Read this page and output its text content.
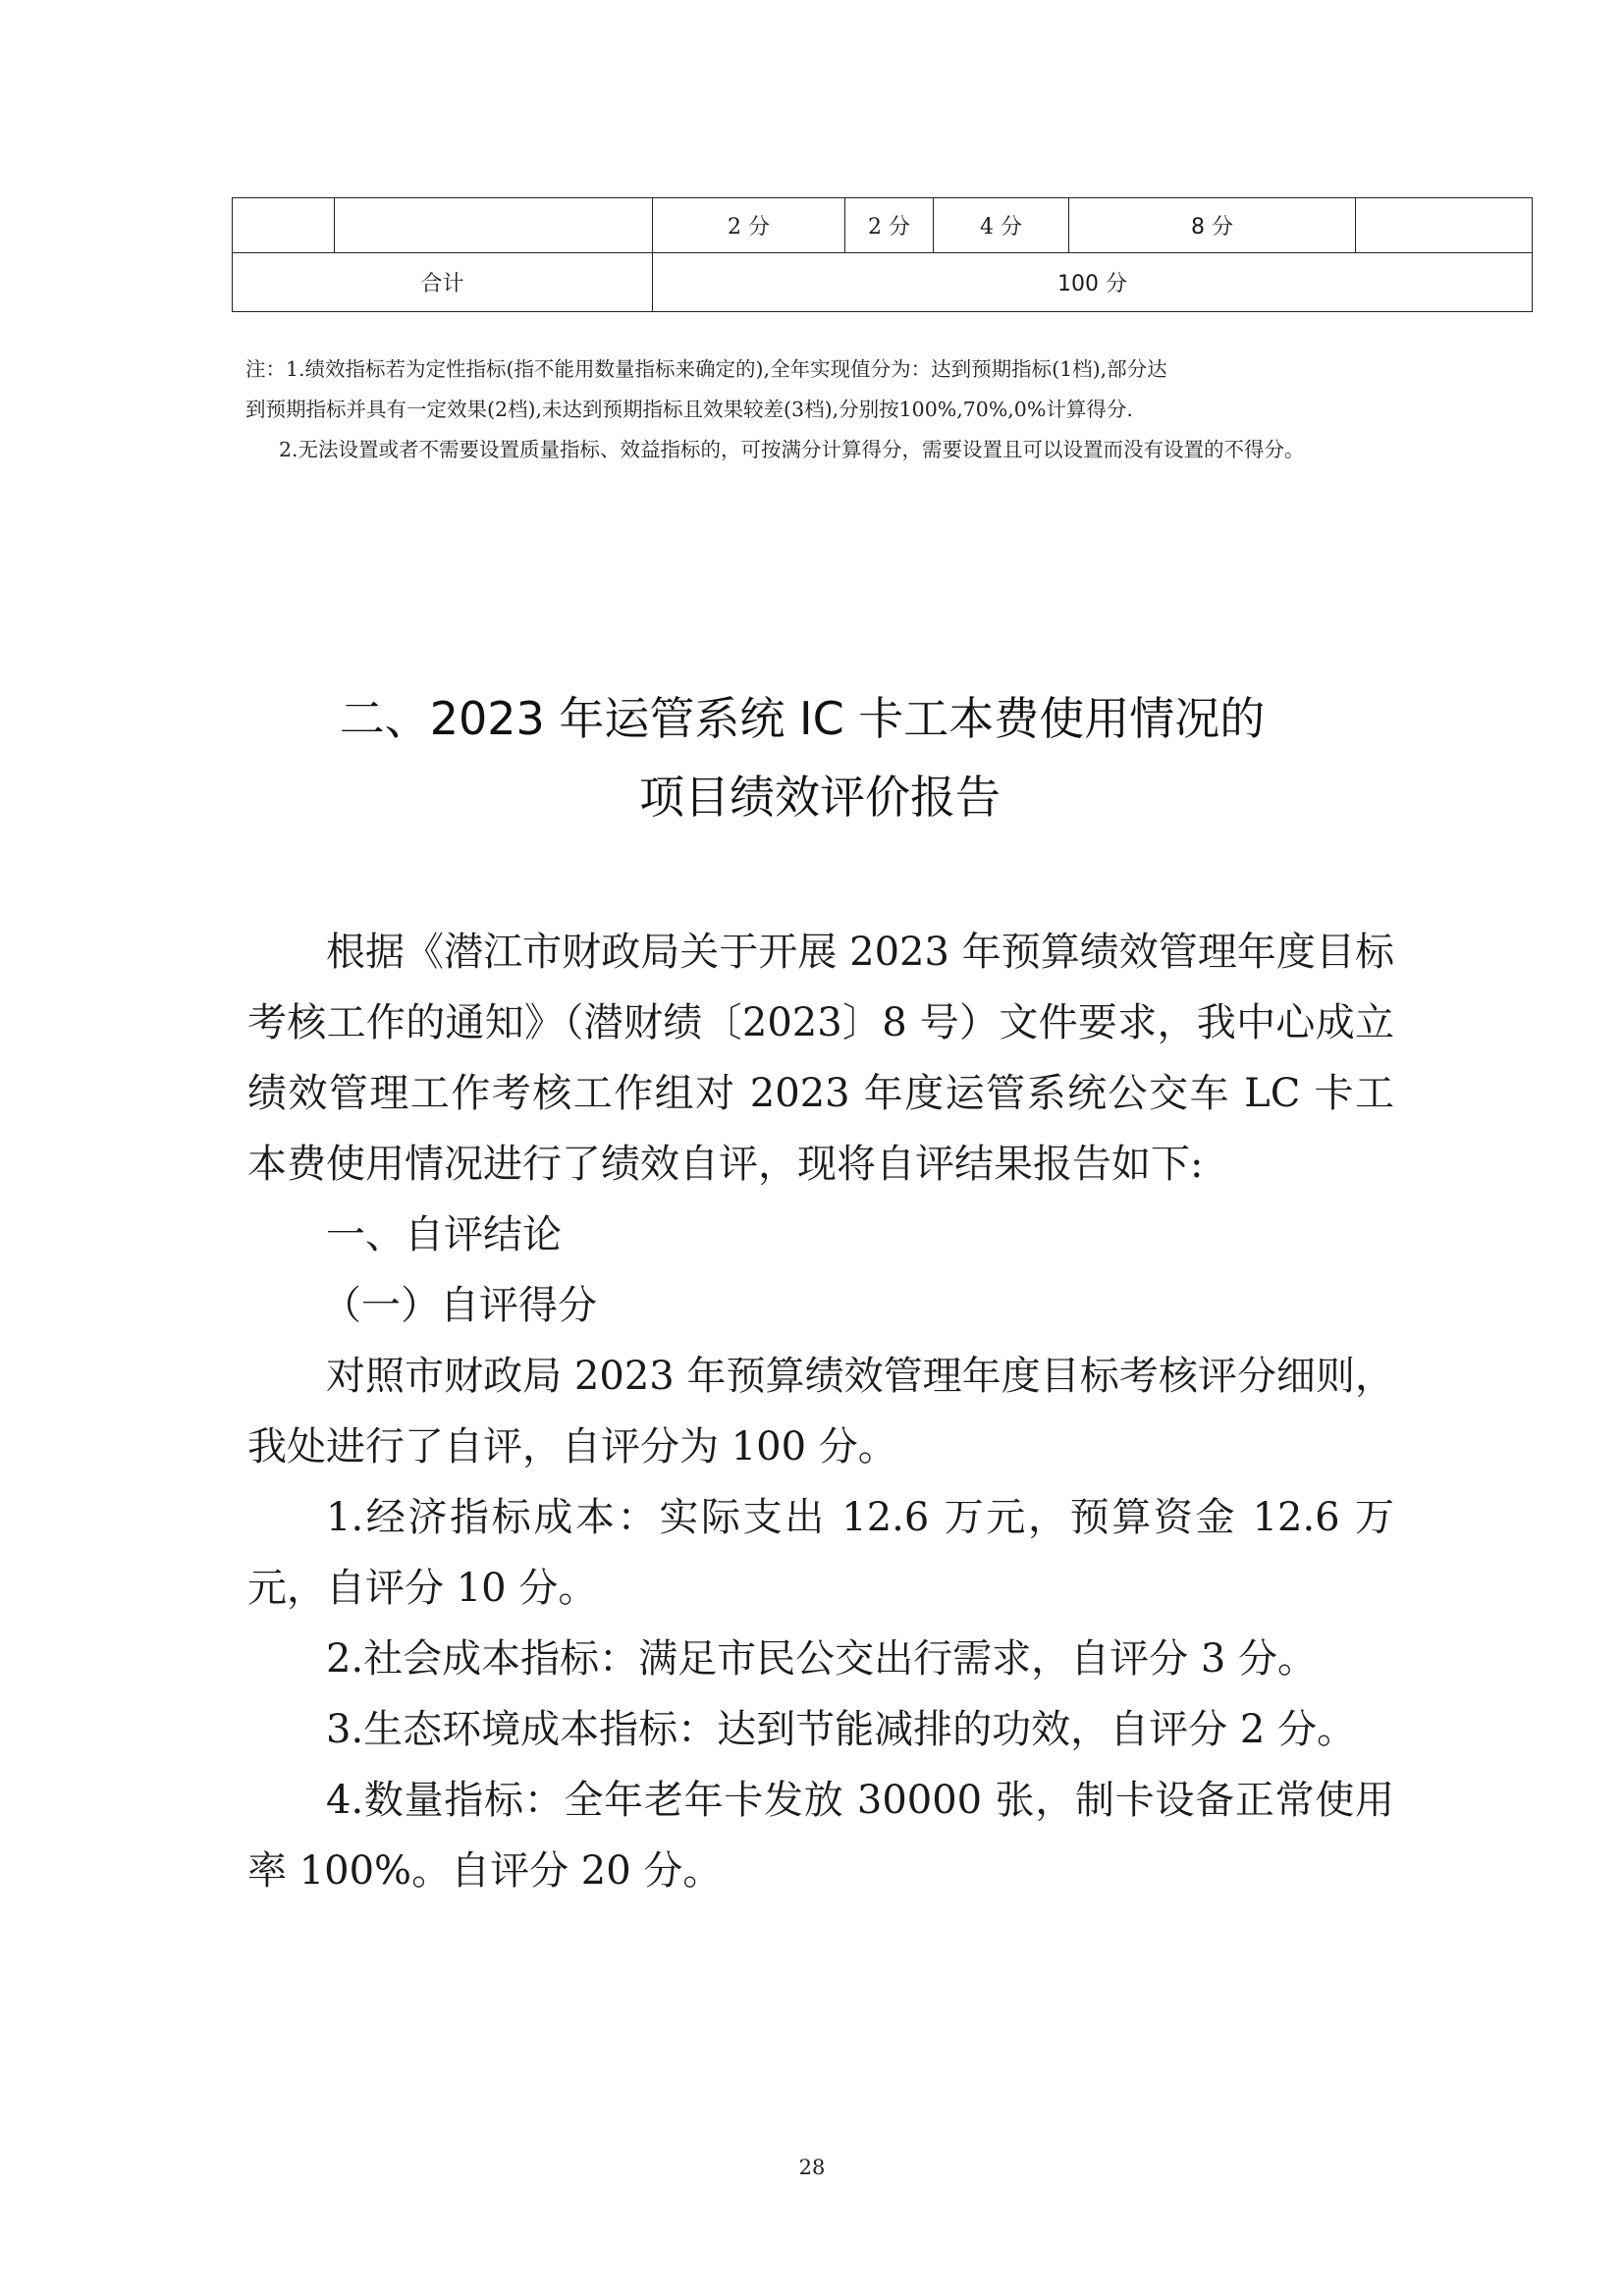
		2 分	2 分	4 分	8 分	
合计		100 分				

注：1.绩效指标若为定性指标(指不能用数量指标来确定的),全年实现值分为：达到预期指标(1档),部分达

到预期指标并具有一定效果(2档),未达到预期指标且效果较差(3档),分别按100%,70%,0%计算得分.

2.无法设置或者不需要设置质量指标、效益指标的，可按满分计算得分，需要设置且可以设置而没有设置的不得分。

二、2023 年运管系统 IC 卡工本费使用情况的
项目绩效评价报告

根据《潜江市财政局关于开展 2023 年预算绩效管理年度目标考核工作的通知》（潜财绩〔2023〕8 号）文件要求，我中心成立绩效管理工作考核工作组对 2023 年度运管系统公交车 LC 卡工本费使用情况进行了绩效自评，现将自评结果报告如下:

一、自评结论

（一）自评得分

对照市财政局 2023 年预算绩效管理年度目标考核评分细则，我处进行了自评，自评分为 100 分。

1.经济指标成本：实际支出 12.6 万元，预算资金 12.6 万元，自评分 10 分。

2.社会成本指标：满足市民公交出行需求，自评分 3 分。

3.生态环境成本指标：达到节能减排的功效，自评分 2 分。

4.数量指标：全年老年卡发放 30000 张，制卡设备正常使用率 100%。自评分 20 分。

28
